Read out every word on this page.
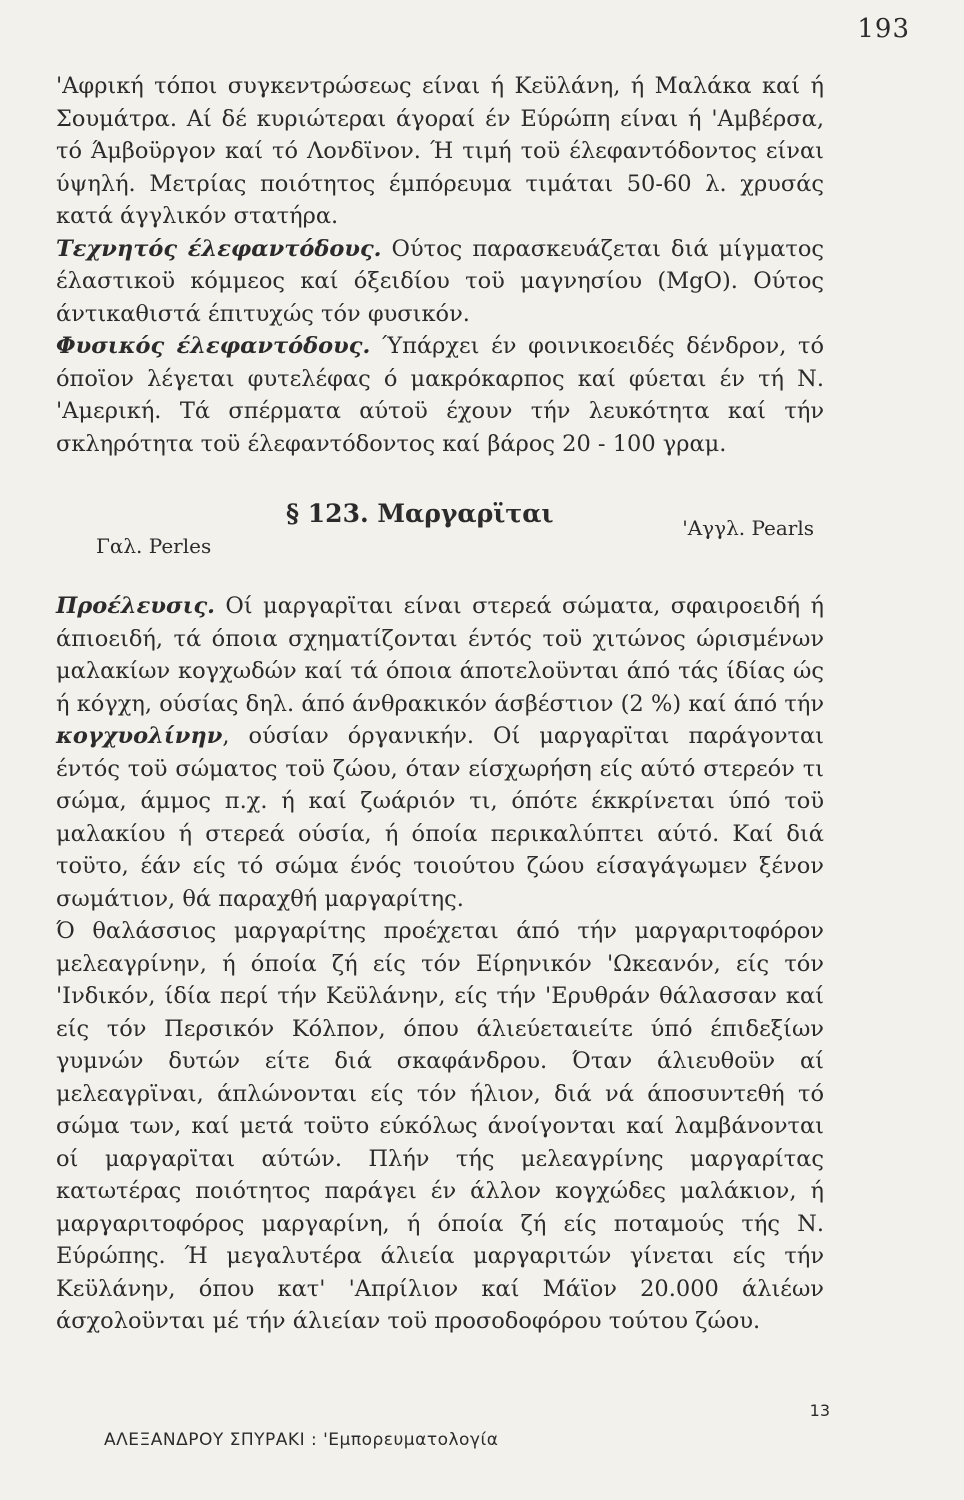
193

'Αφρική τόποι συγκεντρώσεως είναι ή Κεϋλάνη, ή Μαλάκα καί ή Σουμάτρα. Αί δέ κυριώτεραι άγοραί έν Εύρώπη είναι ή 'Αμβέρσα, τό Άμβοϋργον καί τό Λονδϊνον. Ή τιμή τοϋ έλεφαντόδοντος είναι ύψηλή. Μετρίας ποιότητος έμπόρευμα τιμάται 50-60 λ. χρυσάς κατά άγγλικόν στατήρα.

Τεχνητός έλεφαντόδους. Ούτος παρασκευάζεται διά μίγματος έλαστικοϋ κόμμεος καί όξειδίου τοϋ μαγνησίου (MgO). Ούτος άντικαθιστά έπιτυχώς τόν φυσικόν.

Φυσικός έλεφαντόδους. Ύπάρχει έν φοινικοειδές δένδρον, τό όποϊον λέγεται φυτελέφας ό μακρόκαρπος καί φύεται έν τή Ν. 'Αμερική. Τά σπέρματα αύτοϋ έχουν τήν λευκότητα καί τήν σκληρότητα τοϋ έλεφαντόδοντος καί βάρος 20 - 100 γραμ.

Γαλ. Perles
§ 123. Μαργαρϊται	'Αγγλ. Pearls

Προέλευσις. Οί μαργαρϊται είναι στερεά σώματα, σφαιροειδή ή άπιοειδή, τά όποια σχηματίζονται έντός τοϋ χιτώνος ώρισμένων μαλακίων κογχωδών καί τά όποια άποτελοϋνται άπό τάς ίδίας ώς ή κόγχη, ούσίας δηλ. άπό άνθρακικόν άσβέστιον (2 %) καί άπό τήν κογχυολίνην, ούσίαν όργανικήν. Οί μαργαρϊται παράγονται έντός τοϋ σώματος τοϋ ζώου, όταν είσχωρήση είς αύτό στερεόν τι σώμα, άμμος π.χ. ή καί ζωάριόν τι, όπότε έκκρίνεται ύπό τοϋ μαλακίου ή στερεά ούσία, ή όποία περικαλύπτει αύτό. Καί διά τοϋτο, έάν είς τό σώμα ένός τοιούτου ζώου είσαγάγωμεν ξένον σωμάτιον, θά παραχθή μαργαρίτης.

Ό θαλάσσιος μαργαρίτης προέχεται άπό τήν μαργαριτοφόρον μελεαγρίνην, ή όποία ζή είς τόν Είρηνικόν 'Ωκεανόν, είς τόν 'Ινδικόν, ίδία περί τήν Κεϋλάνην, είς τήν 'Ερυθράν θάλασσαν καί είς τόν Περσικόν Κόλπον, όπου άλιεύεταιείτε ύπό έπιδεξίων γυμνών δυτών είτε διά σκαφάνδρου. Όταν άλιευθοϋν αί μελεαγρϊναι, άπλώνονται είς τόν ήλιον, διά νά άποσυντεθή τό σώμα των, καί μετά τοϋτο εύκόλως άνοίγονται καί λαμβάνονται οί μαργαρϊται αύτών. Πλήν τής μελεαγρίνης μαργαρίτας κατωτέρας ποιότητος παράγει έν άλλον κογχώδες μαλάκιον, ή μαργαριτοφόρος μαργαρίνη, ή όποία ζή είς ποταμούς τής Ν. Εύρώπης. Ή μεγαλυτέρα άλιεία μαργαριτών γίνεται είς τήν Κεϋλάνην, όπου κατ' 'Απρίλιον καί Μάϊον 20.000 άλιέων άσχολοϋνται μέ τήν άλιείαν τοϋ προσοδοφόρου τούτου ζώου.

13
ΑΛΕΞΑΝΔΡΟΥ ΣΠΥΡΑΚΙ : 'Εμπορευματολογία
